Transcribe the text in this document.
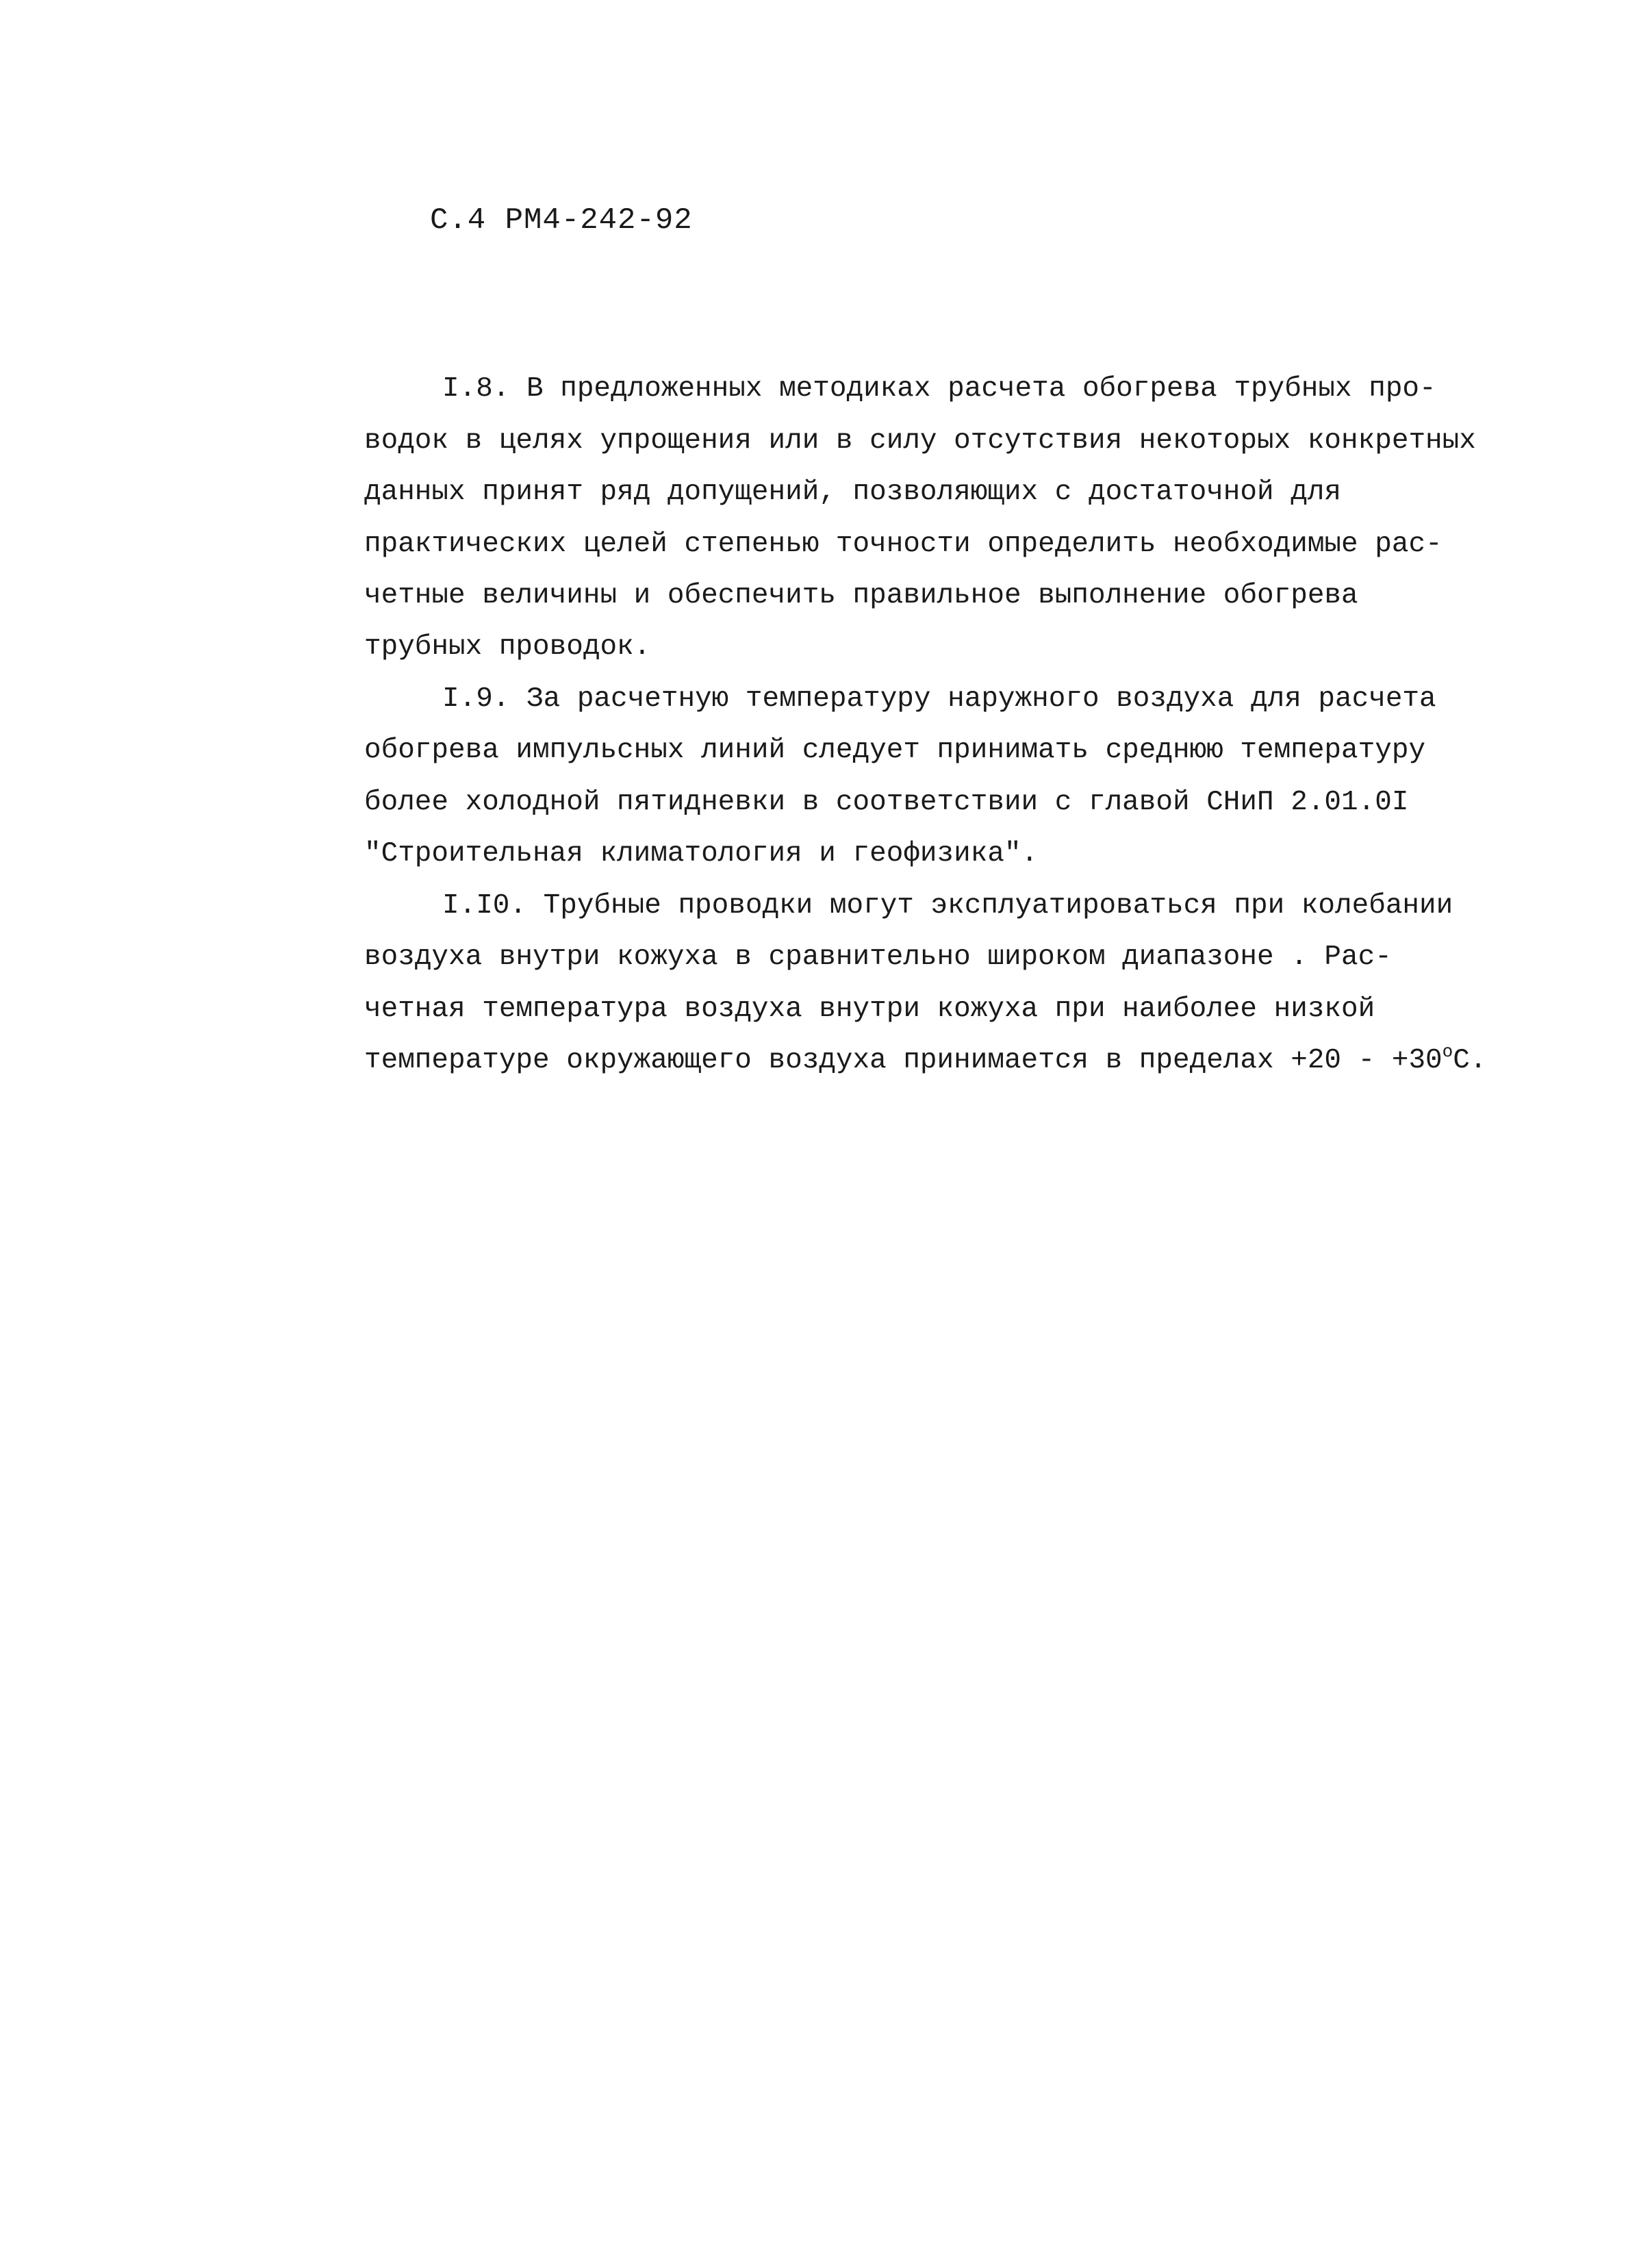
С.4 РМ4-242-92
I.8. В предложенных методиках расчета обогрева трубных про-
водок в целях упрощения или в силу отсутствия некоторых конкретных
данных принят ряд допущений, позволяющих с достаточной для
практических целей степенью точности определить необходимые рас-
четные величины и обеспечить правильное выполнение обогрева
трубных проводок.
I.9. За расчетную температуру наружного воздуха для расчета
обогрева импульсных линий следует принимать среднюю температуру
более холодной пятидневки в соответствии с главой СНиП 2.01.0I
"Строительная климатология и геофизика".
I.I0. Трубные проводки могут эксплуатироваться при колебании
воздуха внутри кожуха в сравнительно широком диапазоне . Рас-
четная температура воздуха внутри кожуха при наиболее низкой
температуре окружающего воздуха принимается в пределах $+20 - +30^оС$.
